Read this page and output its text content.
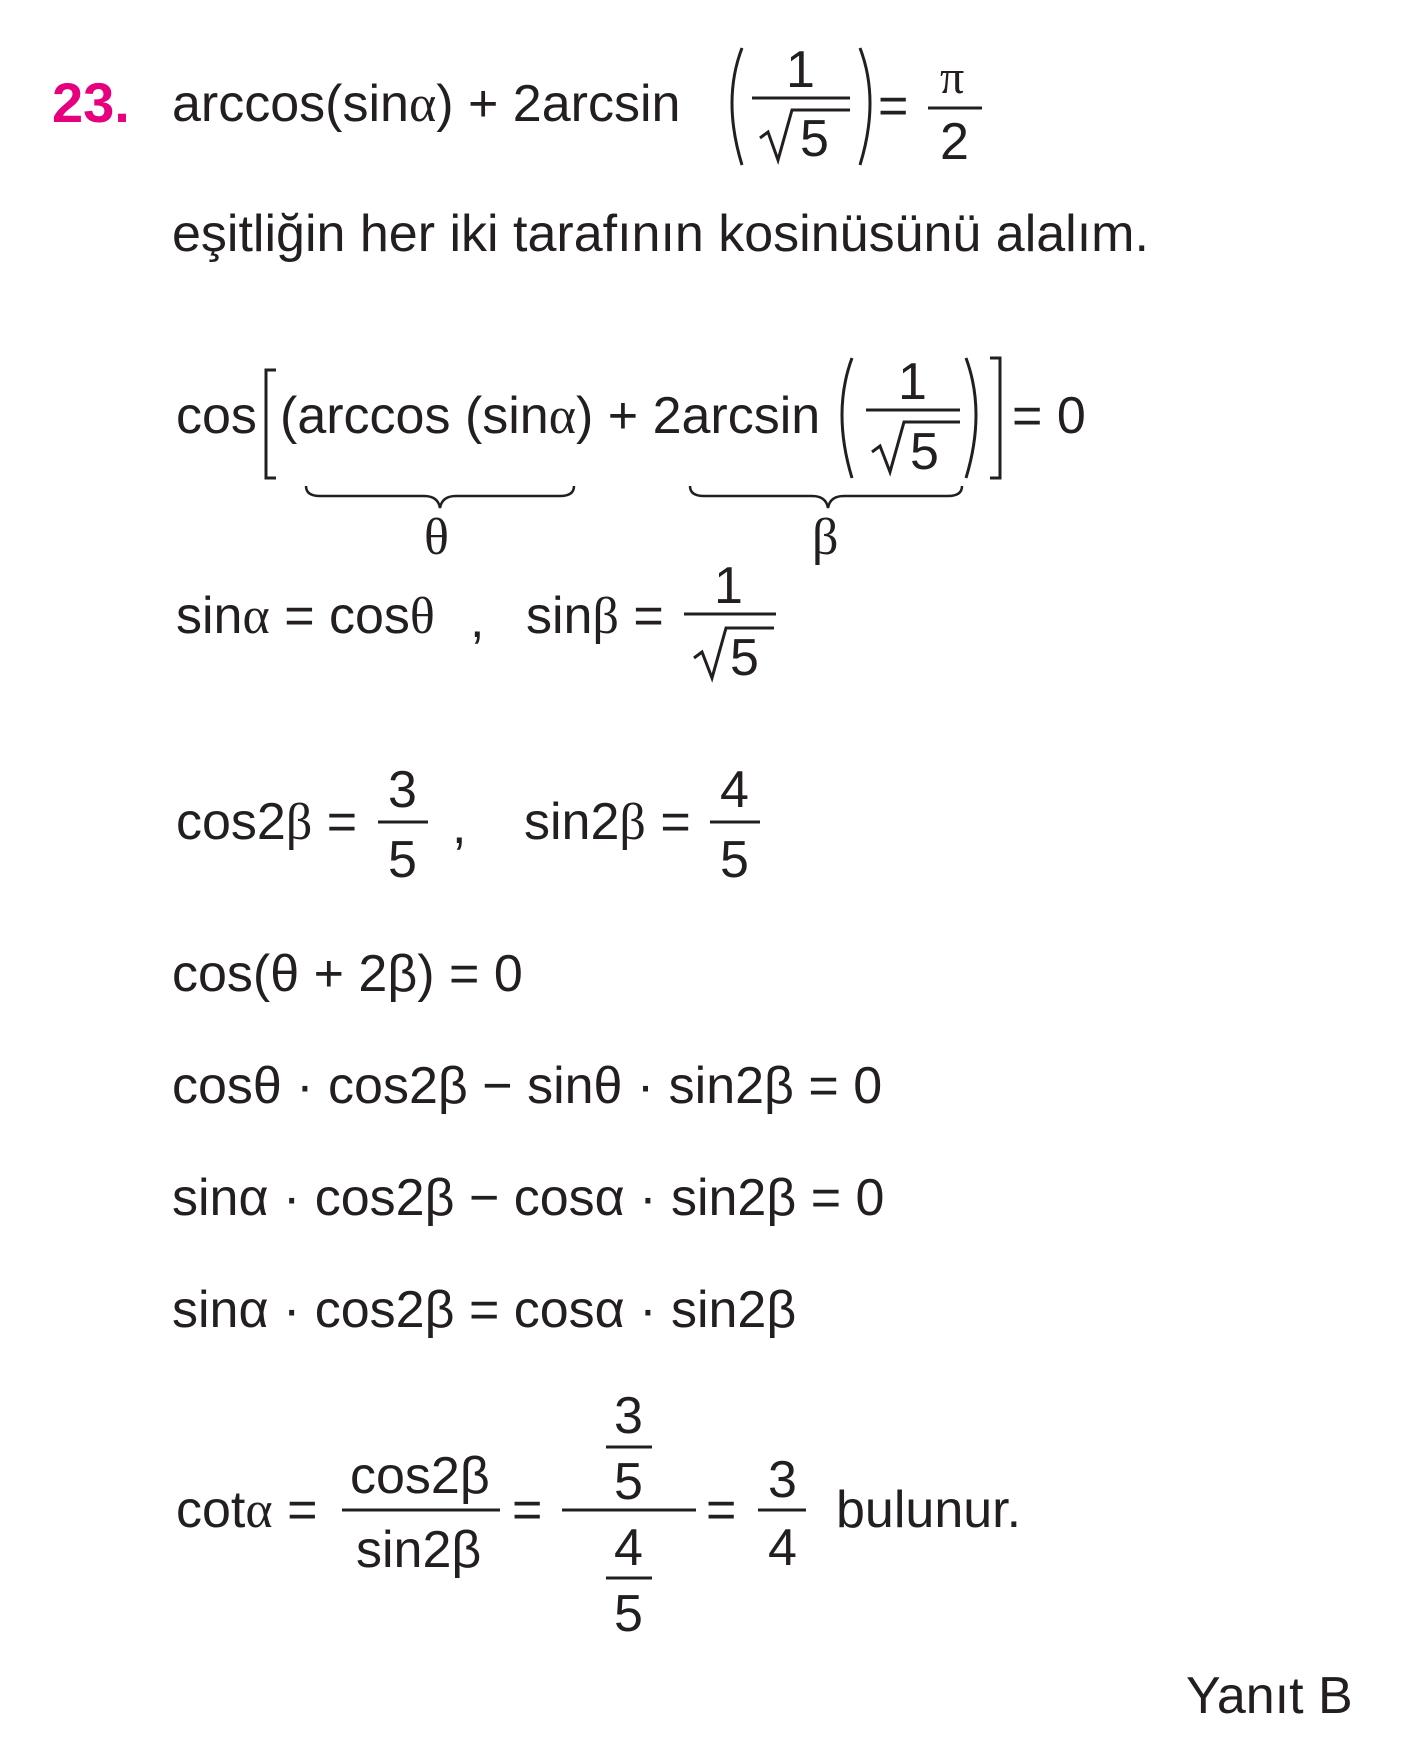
23. arccos(sinα) + 2arcsin
1
5
= π
2
eşitliğin her iki tarafının kosinüsünü alalım.
cos (arccos (sinα) + 2arcsin
1
5
= 0
θ	β
sinα = cosθ , sinβ =
1
5
cos2β =
3
5
, sin2β =
4
5
cos(θ + 2β) = 0
cosθ · cos2β − sinθ · sin2β = 0
sinα · cos2β − cosα · sin2β = 0
sinα · cos2β = cosα · sin2β
cotα =
cos2β
sin2β
=
3
5
4
5
=
3
4
bulunur.
Yanıt B
